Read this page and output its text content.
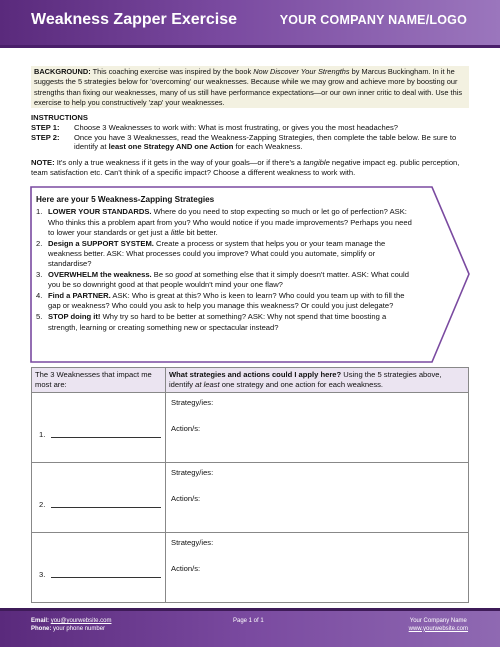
Weakness Zapper Exercise	YOUR COMPANY NAME/LOGO
BACKGROUND: This coaching exercise was inspired by the book Now Discover Your Strengths by Marcus Buckingham. In it he suggests the 5 strategies below for 'overcoming' our weaknesses. Because while we may grow and achieve more by boosting our strengths than fixing our weaknesses, many of us still have performance expectations—or our own inner critic to deal with. Use this exercise to help you constructively 'zap' your weaknesses.
INSTRUCTIONS
STEP 1:	Choose 3 Weaknesses to work with: What is most frustrating, or gives you the most headaches?
STEP 2:	Once you have 3 Weaknesses, read the Weakness-Zapping Strategies, then complete the table below. Be sure to identify at least one Strategy AND one Action for each Weakness.
NOTE: It's only a true weakness if it gets in the way of your goals—or if there's a tangible negative impact eg. public perception, team satisfaction etc. Can't think of a specific impact? Choose a different weakness to work with.
Here are your 5 Weakness-Zapping Strategies
1. LOWER YOUR STANDARDS. Where do you need to stop expecting so much or let go of perfection? ASK: Who thinks this a problem apart from you? Who would notice if you made improvements? Perhaps you need to lower your standards or get just a little bit better.
2. Design a SUPPORT SYSTEM. Create a process or system that helps you or your team manage the weakness better. ASK: What processes could you improve? What could you automate, simplify or standardise?
3. OVERWHELM the weakness. Be so good at something else that it simply doesn't matter. ASK: What could you be so downright good at that people wouldn't mind your one flaw?
4. Find a PARTNER. ASK: Who is great at this? Who is keen to learn? Who could you team up with to fill the gap or weakness? Who could you ask to help you manage this weakness? Or could you just delegate?
5. STOP doing it! Why try so hard to be better at something? ASK: Why not spend that time boosting a strength, learning or creating something new or spectacular instead?
The 3 Weaknesses that impact me most are:	What strategies and actions could I apply here? Using the 5 strategies above, identify at least one strategy and one action for each weakness.

1.	Strategy/ies:
Action/s:

2.	Strategy/ies:
Action/s:

3.	Strategy/ies:
Action/s:
Email: you@yourwebsite.com
Phone: your phone number
Page 1 of 1	Your Company Name
www.yourwebsite.com
